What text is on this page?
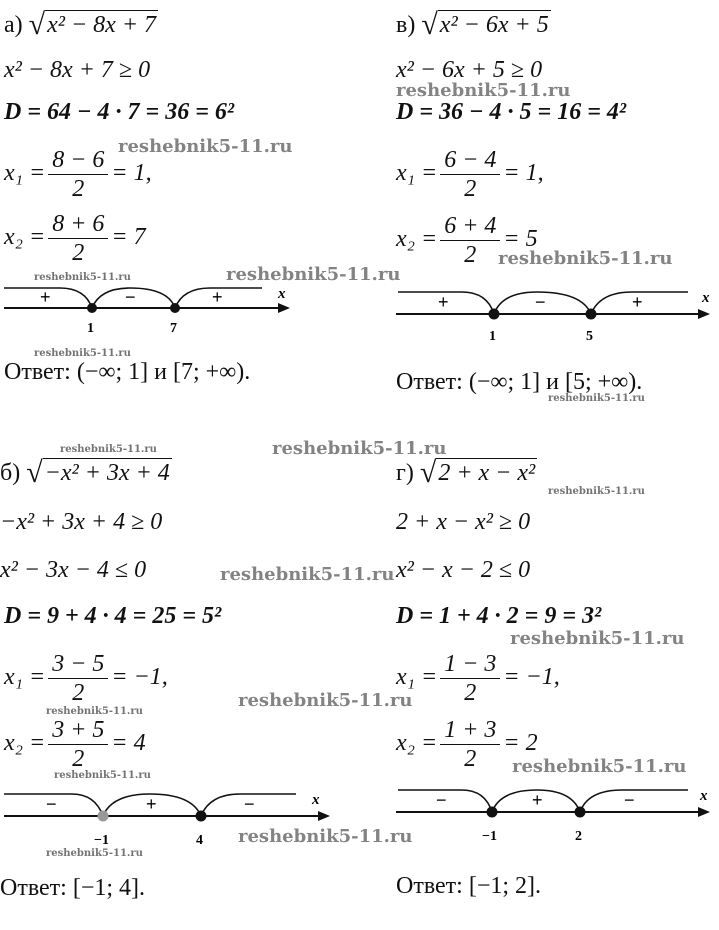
а) √x² − 8x + 7
x² − 8x + 7 ≥ 0
D = 64 − 4 · 7 = 36 = 6²
$x_1 = \frac{8 - 6}{2} = 1$,
$x_2 = \frac{8 + 6}{2} = 7$
+	−	+
1	7
x
Ответ: (−∞; 1] и [7; +∞).
в) √x² − 6x + 5
x² − 6x + 5 ≥ 0
D = 36 − 4 · 5 = 16 = 4²
$x_1 = \frac{6 - 4}{2} = 1$,
$x_2 = \frac{6 + 4}{2} = 5$
+	−	+
1	5
x
Ответ: (−∞; 1] и [5; +∞).
б) √−x² + 3x + 4
−x² + 3x + 4 ≥ 0
x² − 3x − 4 ≤ 0
D = 9 + 4 · 4 = 25 = 5²
$x_1 = \frac{3 - 5}{2} = -1$,
$x_2 = \frac{3 + 5}{2} = 4$
−	+	−
−1	4
x
Ответ: [−1; 4].
г) √2 + x − x²
2 + x − x² ≥ 0
x² − x − 2 ≤ 0
D = 1 + 4 · 2 = 9 = 3²
$x_1 = \frac{1 - 3}{2} = -1$,
$x_2 = \frac{1 + 3}{2} = 2$
−	+	−
−1	2
x
Ответ: [−1; 2].
reshebnik5-11.ru
reshebnik5-11.ru
reshebnik5-11.ru
reshebnik5-11.ru
reshebnik5-11.ru
reshebnik5-11.ru
reshebnik5-11.ru
reshebnik5-11.ru	reshebnik5-11.ru
reshebnik5-11.ru
reshebnik5-11.ru
reshebnik5-11.ru
reshebnik5-11.ru
reshebnik5-11.ru
reshebnik5-11.ru	reshebnik5-11.ru
reshebnik5-11.ru
reshebnik5-11.ru
